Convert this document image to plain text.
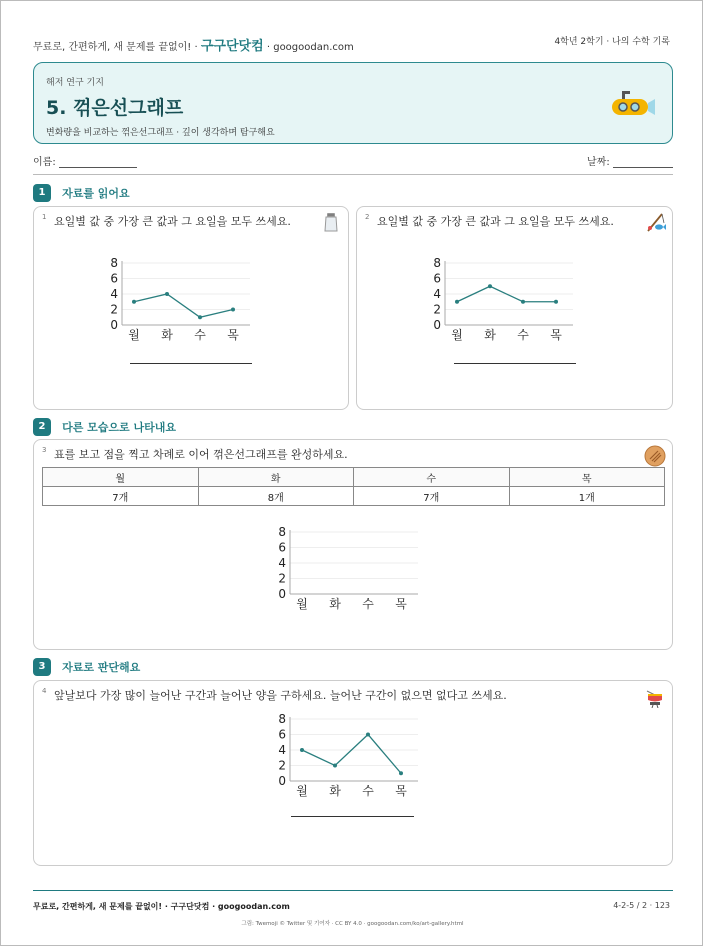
무료로, 간편하게, 새 문제를 끝없이! · 구구단닷컴 · googoodan.com	4학년 2학기 · 나의 수학 기록
해저 연구 기지
5. 꺾은선그래프
변화량을 비교하는 꺾은선그래프 · 깊이 생각하며 탐구해요
이름:	날짜:
1 자료를 읽어요
1 요일별 값 중 가장 큰 값과 그 요일을 모두 쓰세요.
0
2
4
6
8
월 화 수 목
2 요일별 값 중 가장 큰 값과 그 요일을 모두 쓰세요.
0
2
4
6
8
월 화 수 목
2 다른 모습으로 나타내요
3 표를 보고 점을 찍고 차례로 이어 꺾은선그래프를 완성하세요.
월	화	수	목
7개	8개	7개	1개
0
2
4
6
8
월 화 수 목
3 자료로 판단해요
4 앞날보다 가장 많이 늘어난 구간과 늘어난 양을 구하세요. 늘어난 구간이 없으면 없다고 쓰세요.
0
2
4
6
8
월 화 수 목
무료로, 간편하게, 새 문제를 끝없이! · 구구단닷컴 · googoodan.com	4-2-5 / 2 · 123
그림: Twemoji © Twitter 및 기여자 · CC BY 4.0 · googoodan.com/ko/art-gallery.html
